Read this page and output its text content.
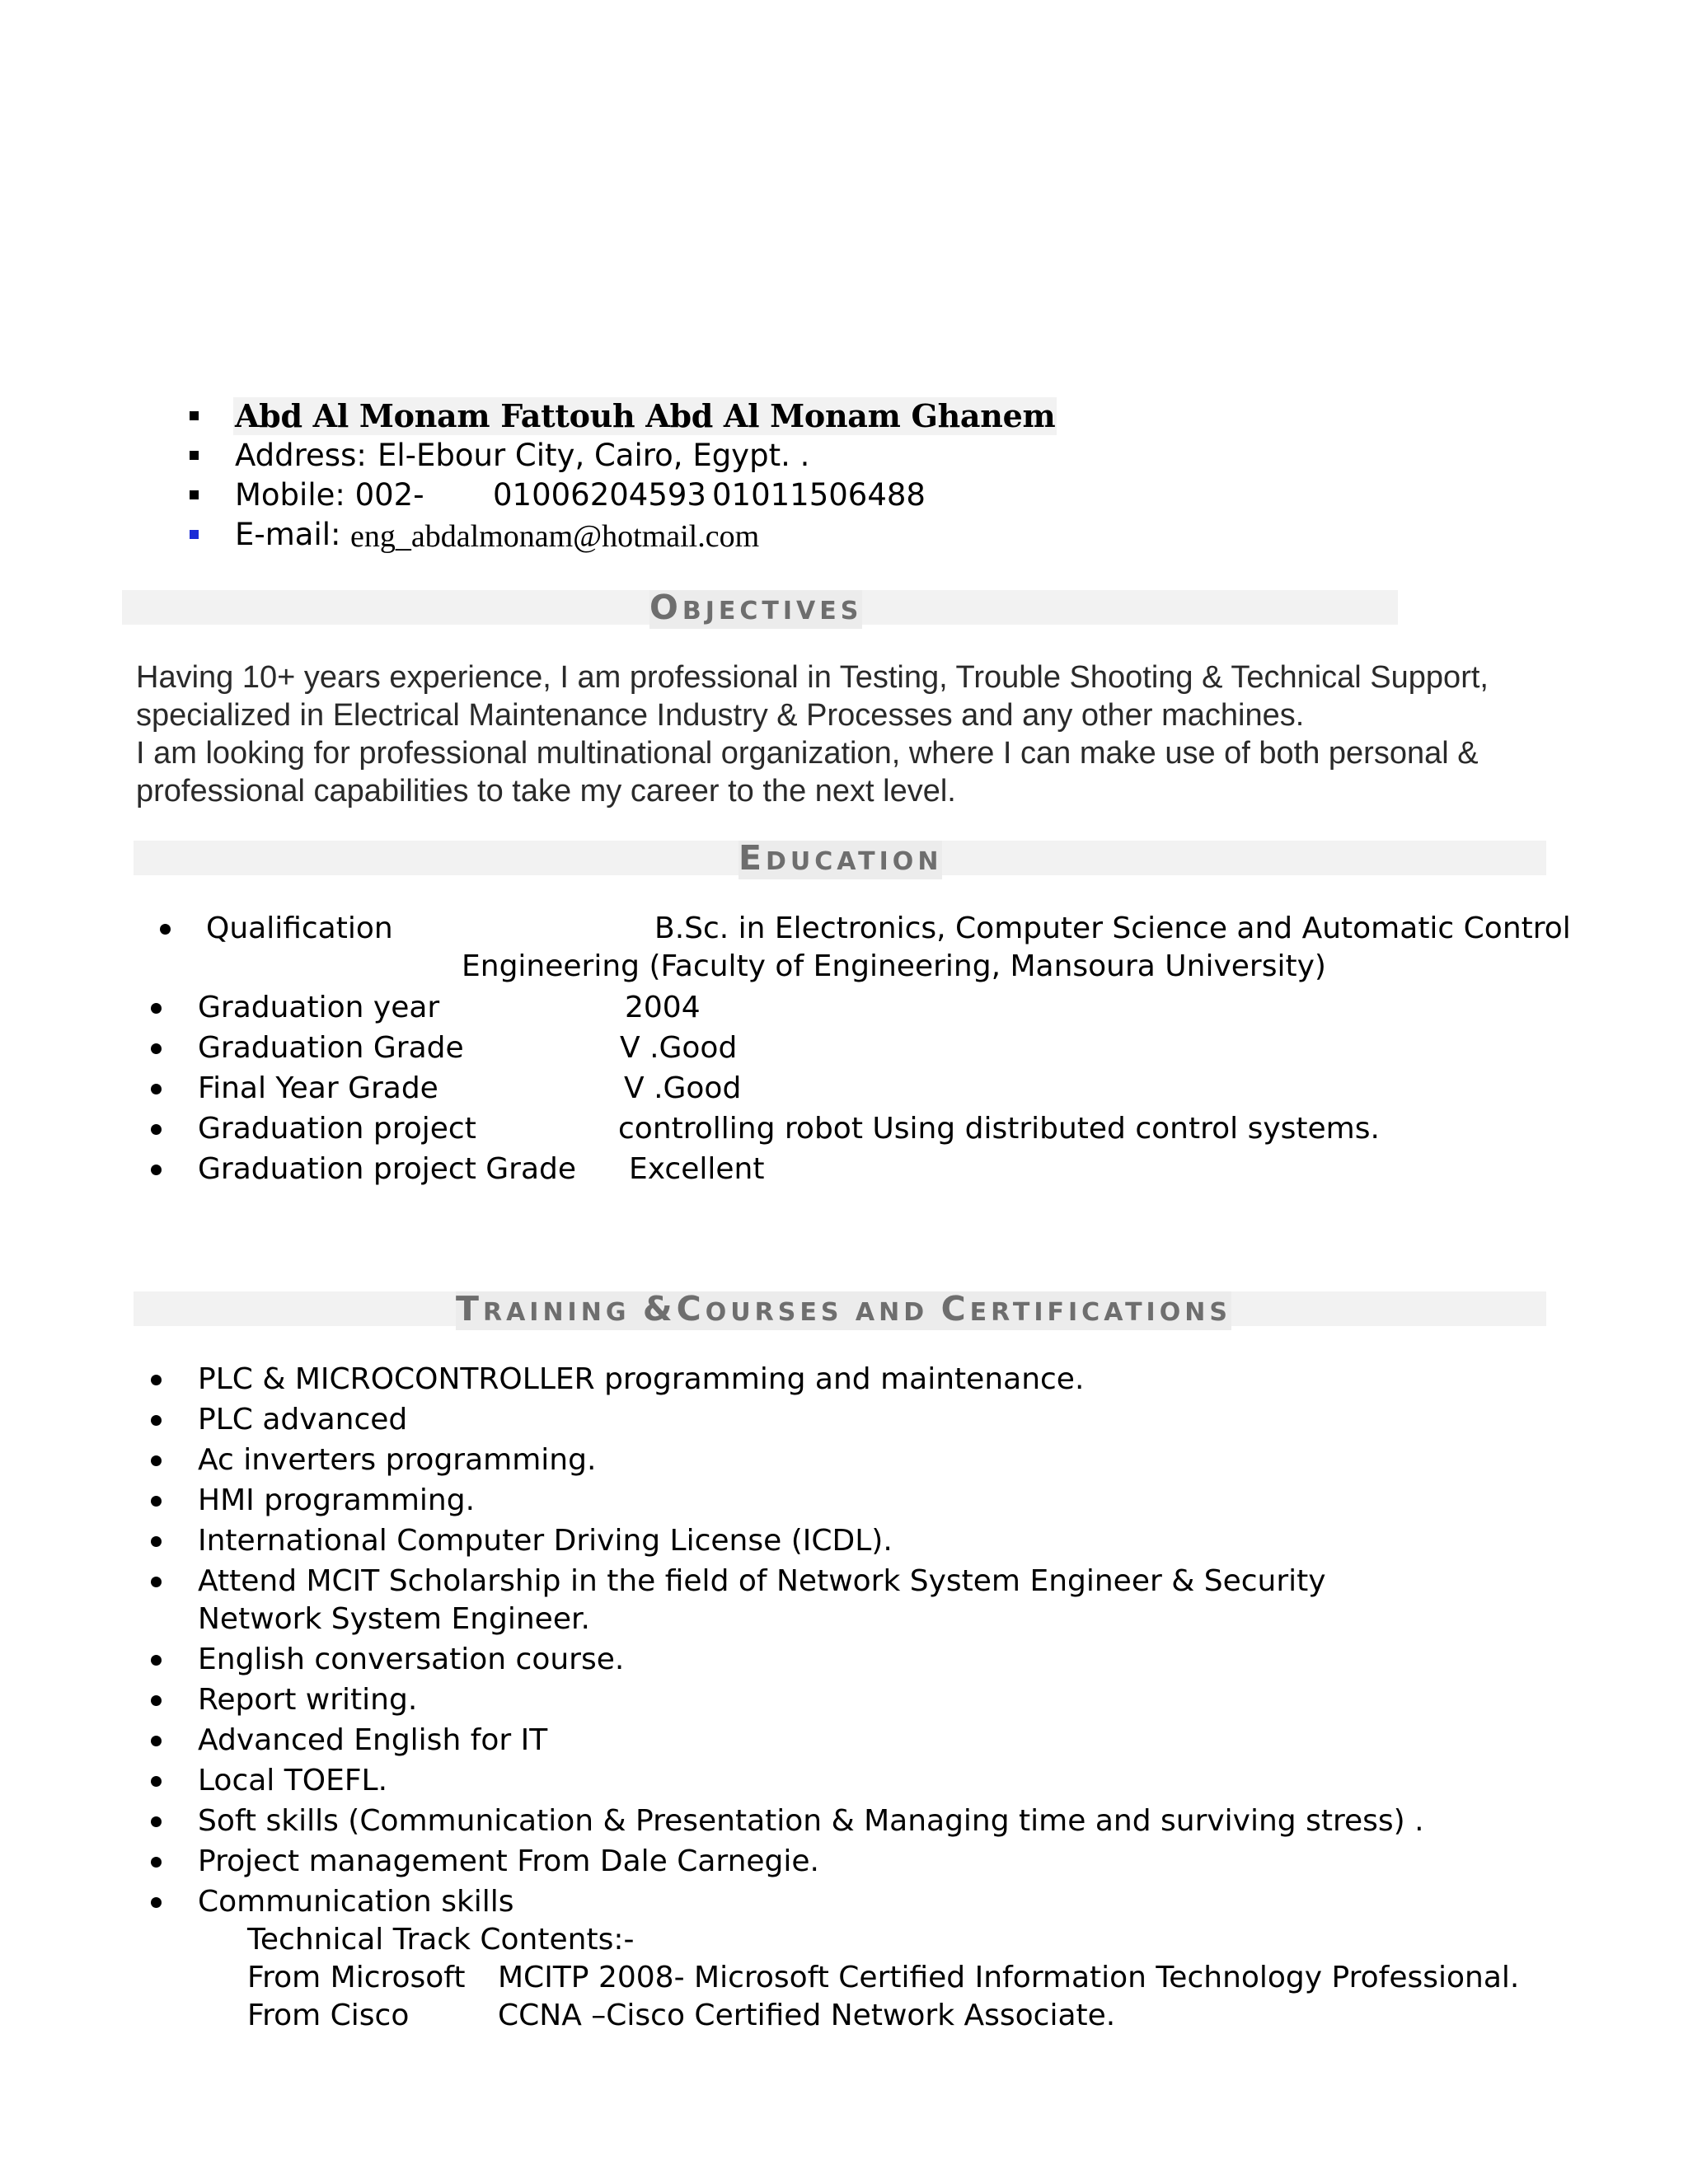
Abd Al Monam Fattouh Abd Al Monam Ghanem
Address: El-Ebour City, Cairo, Egypt. .
Mobile: 002- 01006204593 01011506488
E-mail: eng_abdalmonam@hotmail.com
OBJECTIVES
Having 10+ years experience, I am professional in Testing, Trouble Shooting & Technical Support,
specialized in Electrical Maintenance Industry & Processes and any other machines.
I am looking for professional multinational organization, where I can make use of both personal &
professional capabilities to take my career to the next level.
EDUCATION
Qualification	B.Sc. in Electronics, Computer Science and Automatic Control
Engineering (Faculty of Engineering, Mansoura University)
Graduation year	2004
Graduation Grade	V .Good
Final Year Grade	V .Good
Graduation project	controlling robot Using distributed control systems.
Graduation project Grade Excellent
TRAINING &COURSES AND CERTIFICATIONS
PLC & MICROCONTROLLER programming and maintenance.
PLC advanced
Ac inverters programming.
HMI programming.
International Computer Driving License (ICDL).
Attend MCIT Scholarship in the field of Network System Engineer & Security
Network System Engineer.
English conversation course.
Report writing.
Advanced English for IT
Local TOEFL.
Soft skills (Communication & Presentation & Managing time and surviving stress) .
Project management From Dale Carnegie.
Communication skills
Technical Track Contents:-
From Microsoft MCITP 2008- Microsoft Certified Information Technology Professional.
From Cisco	CCNA –Cisco Certified Network Associate.
